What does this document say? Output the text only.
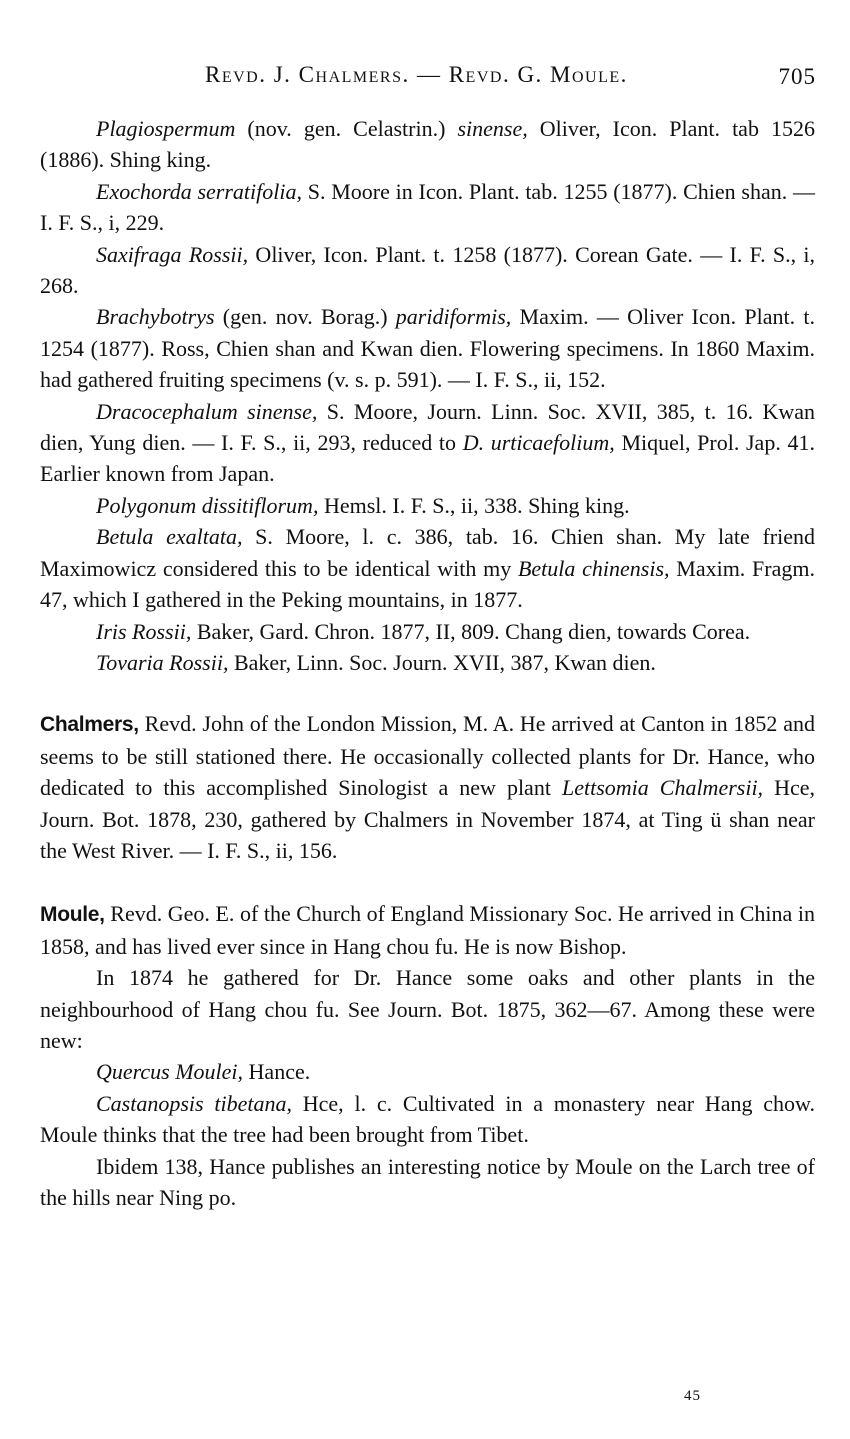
Revd. J. Chalmers. — Revd. G. Moule.	705

Plagiospermum (nov. gen. Celastrin.) sinense, Oliver, Icon. Plant. tab 1526 (1886). Shing king.

Exochorda serratifolia, S. Moore in Icon. Plant. tab. 1255 (1877). Chien shan. — I. F. S., i, 229.

Saxifraga Rossii, Oliver, Icon. Plant. t. 1258 (1877). Corean Gate. — I. F. S., i, 268.

Brachybotrys (gen. nov. Borag.) paridiformis, Maxim. — Oliver Icon. Plant. t. 1254 (1877). Ross, Chien shan and Kwan dien. Flowering specimens. In 1860 Maxim. had gathered fruiting specimens (v. s. p. 591). — I. F. S., ii, 152.

Dracocephalum sinense, S. Moore, Journ. Linn. Soc. XVII, 385, t. 16. Kwan dien, Yung dien. — I. F. S., ii, 293, reduced to D. urticaefolium, Miquel, Prol. Jap. 41. Earlier known from Japan.

Polygonum dissitiflorum, Hemsl. I. F. S., ii, 338. Shing king.

Betula exaltata, S. Moore, l. c. 386, tab. 16. Chien shan. My late friend Maximowicz considered this to be identical with my Betula chinensis, Maxim. Fragm. 47, which I gathered in the Peking mountains, in 1877.

Iris Rossii, Baker, Gard. Chron. 1877, II, 809. Chang dien, towards Corea.

Tovaria Rossii, Baker, Linn. Soc. Journ. XVII, 387, Kwan dien.

Chalmers, Revd. John of the London Mission, M. A. He arrived at Canton in 1852 and seems to be still stationed there. He occasionally collected plants for Dr. Hance, who dedicated to this accomplished Sinologist a new plant Lettsomia Chalmersii, Hce, Journ. Bot. 1878, 230, gathered by Chalmers in November 1874, at Ting ü shan near the West River. — I. F. S., ii, 156.

Moule, Revd. Geo. E. of the Church of England Missionary Soc. He arrived in China in 1858, and has lived ever since in Hang chou fu. He is now Bishop.

In 1874 he gathered for Dr. Hance some oaks and other plants in the neighbourhood of Hang chou fu. See Journ. Bot. 1875, 362—67. Among these were new:

Quercus Moulei, Hance.

Castanopsis tibetana, Hce, l. c. Cultivated in a monastery near Hang chow. Moule thinks that the tree had been brought from Tibet.

Ibidem 138, Hance publishes an interesting notice by Moule on the Larch tree of the hills near Ning po.

45
